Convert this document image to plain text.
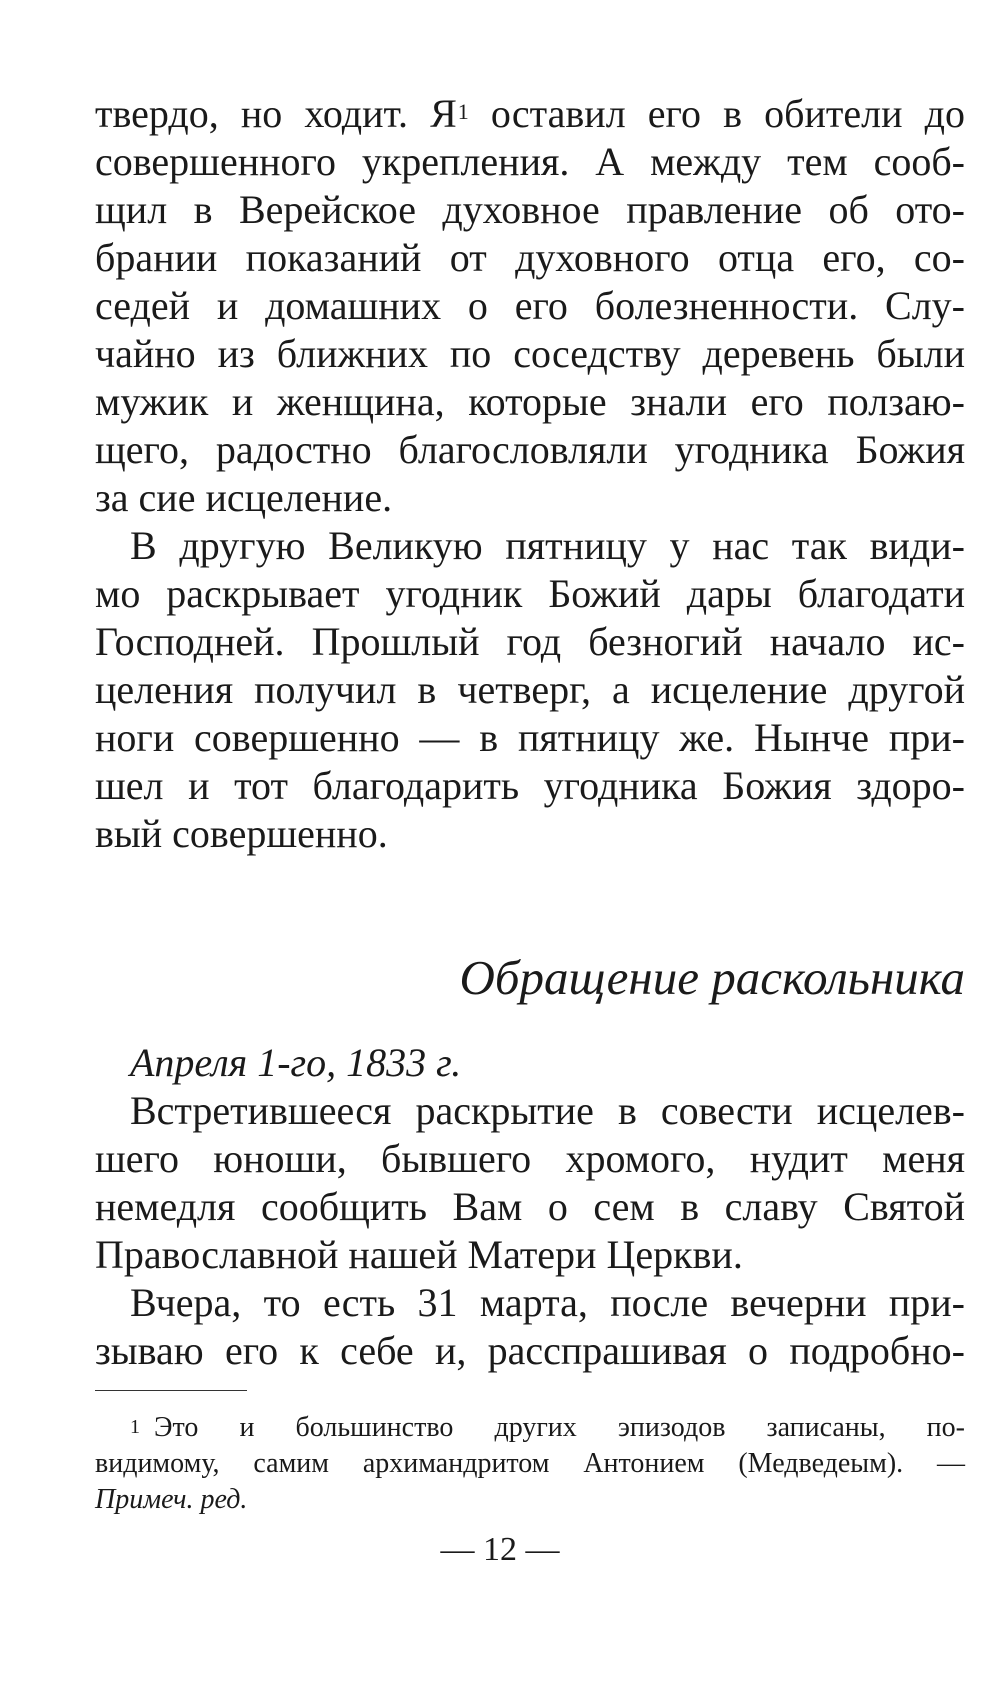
твердо, но ходит. Я$^1$ оставил его в обители до
совершенного укрепления. А между тем сооб-
щил в Верейское духовное правление об ото-
брании показаний от духовного отца его, со-
седей и домашних о его болезненности. Слу-
чайно из ближних по соседству деревень были
мужик и женщина, которые знали его ползаю-
щего, радостно благословляли угодника Божия
за сие исцеление.
В другую Великую пятницу у нас так види-
мо раскрывает угодник Божий дары благодати
Господней. Прошлый год безногий начало ис-
целения получил в четверг, а исцеление другой
ноги совершенно — в пятницу же. Нынче при-
шел и тот благодарить угодника Божия здоро-
вый совершенно.
Обращение раскольника
Апреля 1-го, 1833 г.
Встретившееся раскрытие в совести исцелев-
шего юноши, бывшего хромого, нудит меня
немедля сообщить Вам о сем в славу Святой
Православной нашей Матери Церкви.
Вчера, то есть 31 марта, после вечерни при-
зываю его к себе и, расспрашивая о подробно-
$^1$ Это и большинство других эпизодов записаны, по-
видимому, самим архимандритом Антонием (Медведеым). —
Примеч. ред.
— 12 —
